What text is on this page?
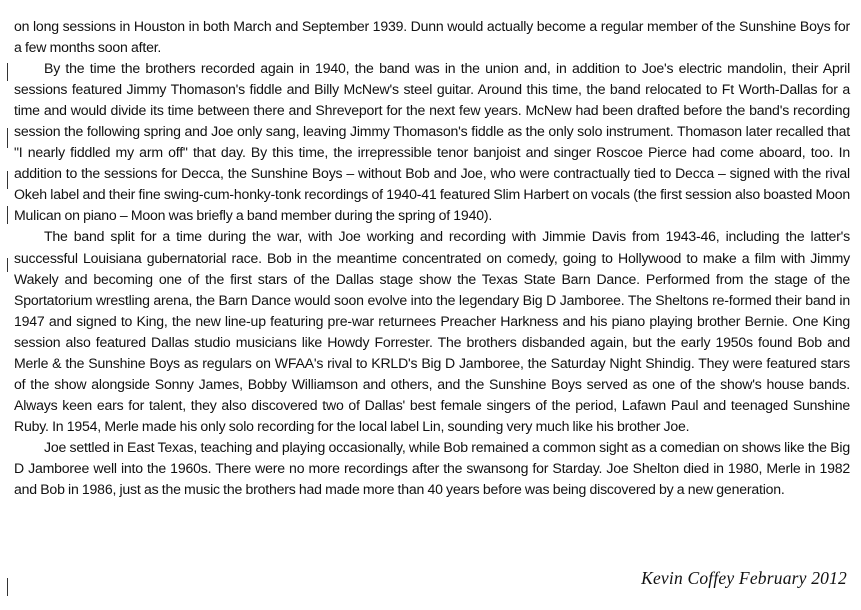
on long sessions in Houston in both March and September 1939. Dunn would actually become a regular member of the Sunshine Boys for a few months soon after.

By the time the brothers recorded again in 1940, the band was in the union and, in addition to Joe's electric mandolin, their April sessions featured Jimmy Thomason's fiddle and Billy McNew's steel guitar. Around this time, the band relocated to Ft Worth-Dallas for a time and would divide its time between there and Shreveport for the next few years. McNew had been drafted before the band's recording session the following spring and Joe only sang, leaving Jimmy Thomason's fiddle as the only solo instrument. Thomason later recalled that "I nearly fiddled my arm off" that day. By this time, the irrepressible tenor banjoist and singer Roscoe Pierce had come aboard, too. In addition to the sessions for Decca, the Sunshine Boys – without Bob and Joe, who were contractually tied to Decca – signed with the rival Okeh label and their fine swing-cum-honky-tonk recordings of 1940-41 featured Slim Harbert on vocals (the first session also boasted Moon Mulican on piano – Moon was briefly a band member during the spring of 1940).

The band split for a time during the war, with Joe working and recording with Jimmie Davis from 1943-46, including the latter's successful Louisiana gubernatorial race. Bob in the meantime concentrated on comedy, going to Hollywood to make a film with Jimmy Wakely and becoming one of the first stars of the Dallas stage show the Texas State Barn Dance. Performed from the stage of the Sportatorium wrestling arena, the Barn Dance would soon evolve into the legendary Big D Jamboree. The Sheltons re-formed their band in 1947 and signed to King, the new line-up featuring pre-war returnees Preacher Harkness and his piano playing brother Bernie. One King session also featured Dallas studio musicians like Howdy Forrester. The brothers disbanded again, but the early 1950s found Bob and Merle & the Sunshine Boys as regulars on WFAA's rival to KRLD's Big D Jamboree, the Saturday Night Shindig. They were featured stars of the show alongside Sonny James, Bobby Williamson and others, and the Sunshine Boys served as one of the show's house bands. Always keen ears for talent, they also discovered two of Dallas' best female singers of the period, Lafawn Paul and teenaged Sunshine Ruby. In 1954, Merle made his only solo recording for the local label Lin, sounding very much like his brother Joe.

Joe settled in East Texas, teaching and playing occasionally, while Bob remained a common sight as a comedian on shows like the Big D Jamboree well into the 1960s. There were no more recordings after the swansong for Starday. Joe Shelton died in 1980, Merle in 1982 and Bob in 1986, just as the music the brothers had made more than 40 years before was being discovered by a new generation.

Kevin Coffey February 2012
